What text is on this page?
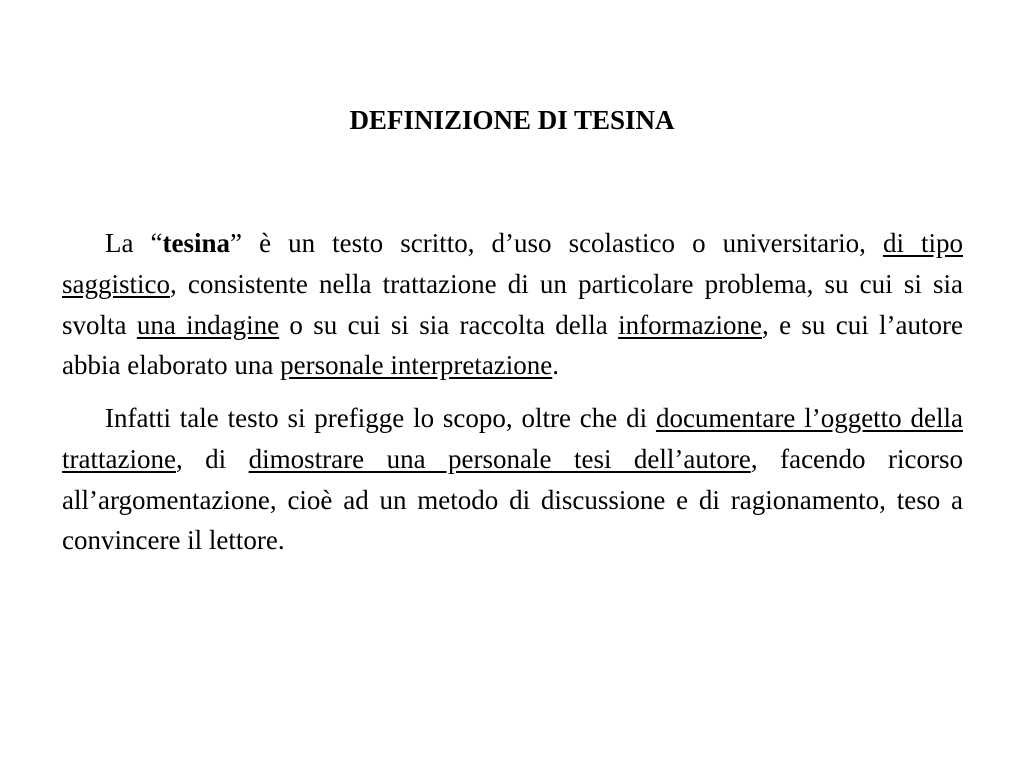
DEFINIZIONE DI TESINA

La “tesina” è un testo scritto, d’uso scolastico o universitario, di tipo saggistico, consistente nella trattazione di un particolare problema, su cui si sia svolta una indagine o su cui si sia raccolta della informazione, e su cui l’autore abbia elaborato una personale interpretazione.

Infatti tale testo si prefigge lo scopo, oltre che di documentare l’oggetto della trattazione, di dimostrare una personale tesi dell’autore, facendo ricorso all’argomentazione, cioè ad un metodo di discussione e di ragionamento, teso a convincere il lettore.
